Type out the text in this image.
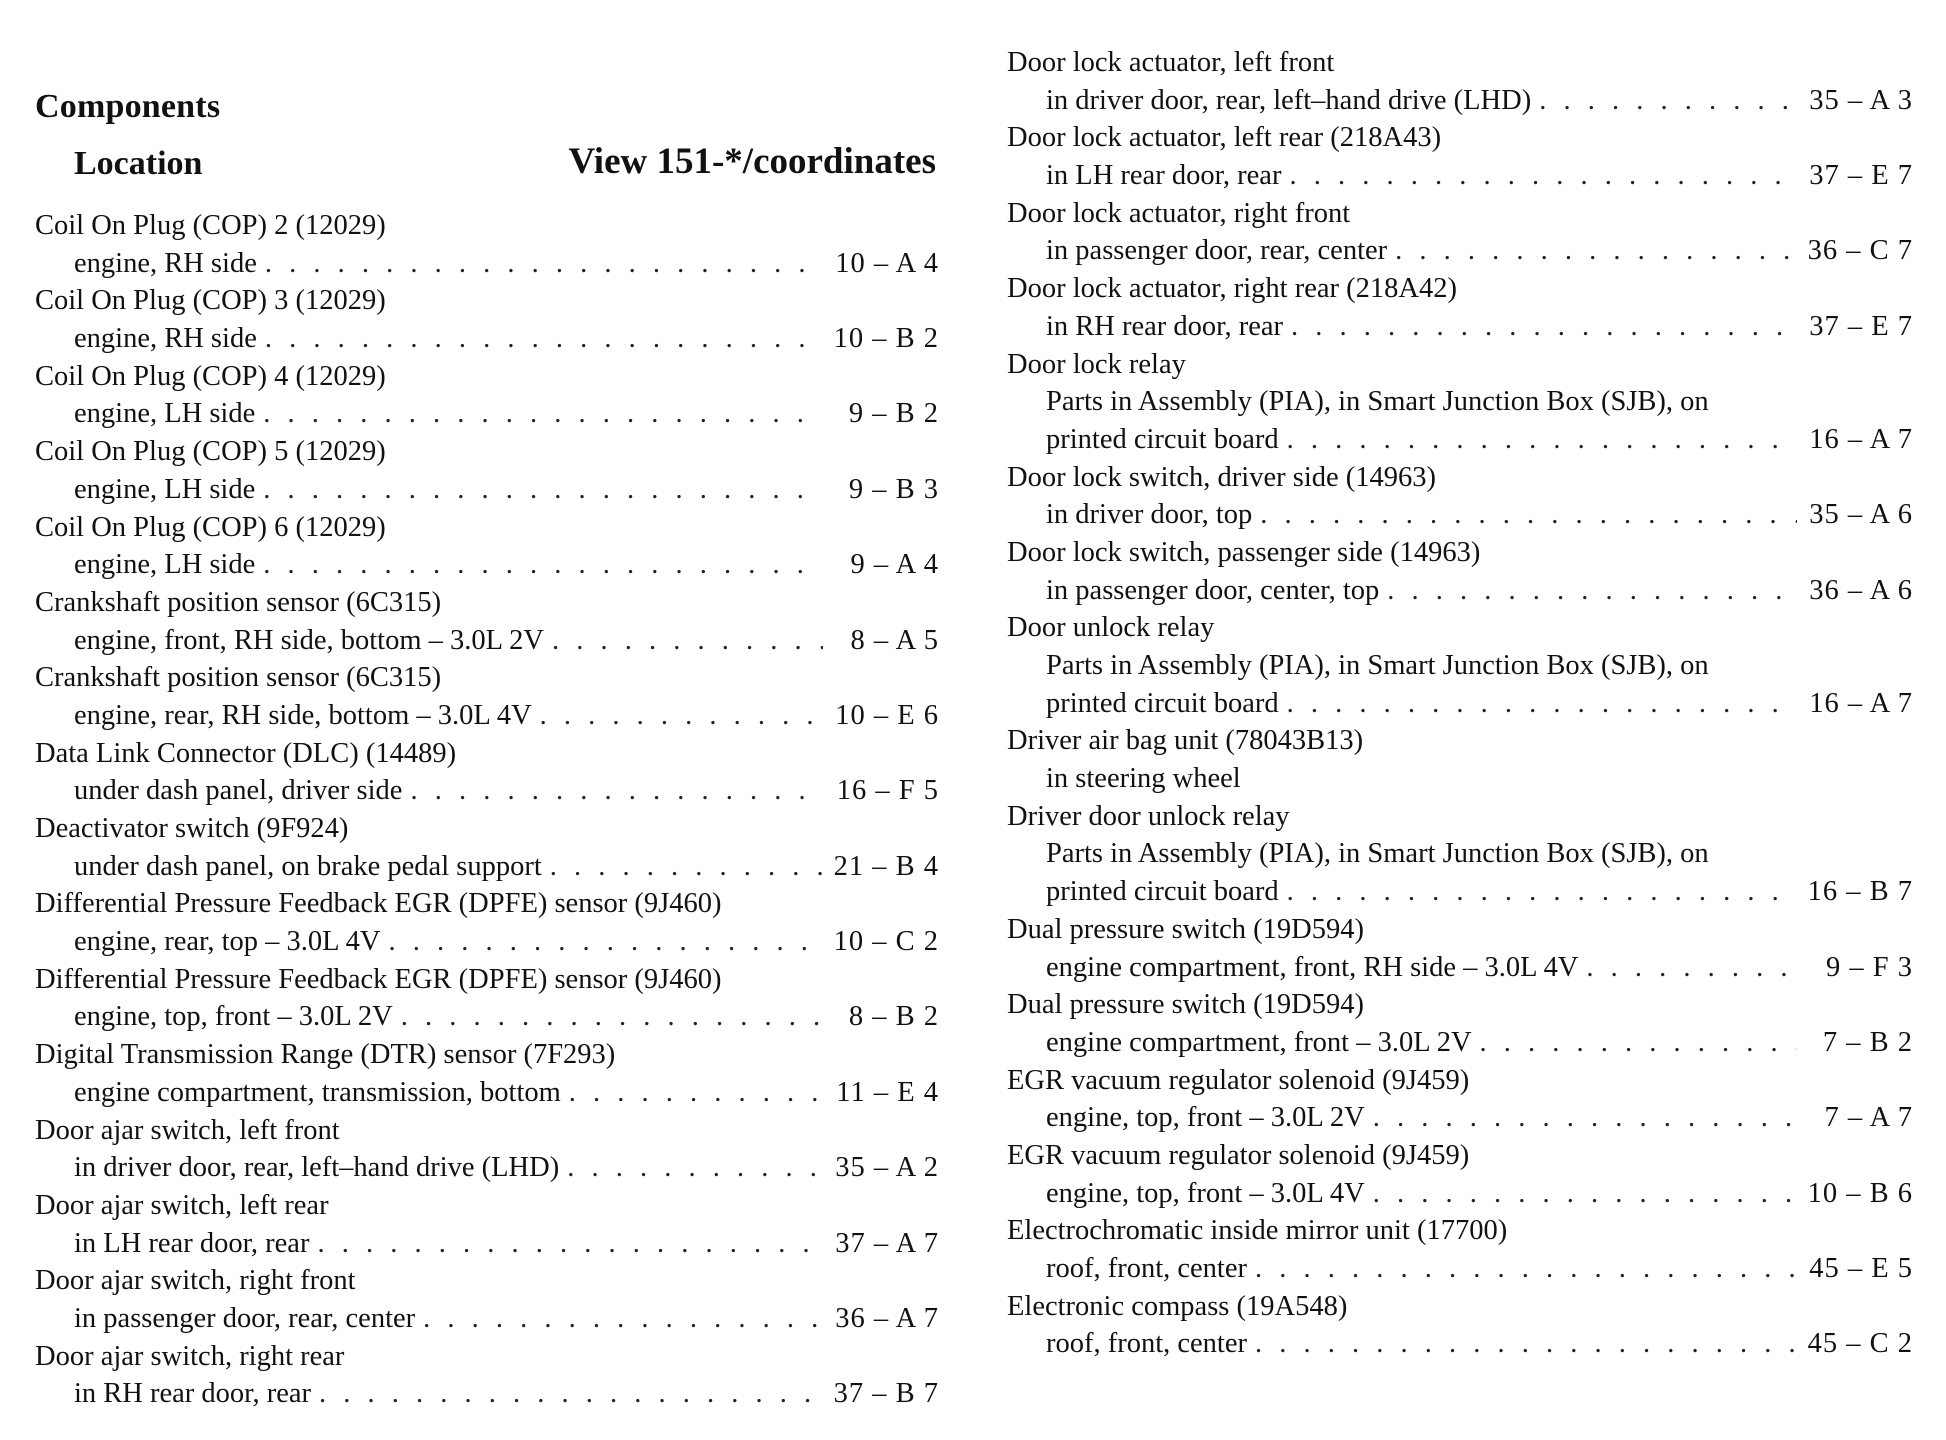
Components
Location	View 151-*/coordinates
Coil On Plug (COP) 2 (12029)
engine, RH side . . .	10 – A 4
Coil On Plug (COP) 3 (12029)
engine, RH side . . .	10 – B 2
Coil On Plug (COP) 4 (12029)
engine, LH side . . .	9 – B 2
Coil On Plug (COP) 5 (12029)
engine, LH side . . .	9 – B 3
Coil On Plug (COP) 6 (12029)
engine, LH side . . .	9 – A 4
Crankshaft position sensor (6C315)
engine, front, RH side, bottom – 3.0L 2V . . .	8 – A 5
Crankshaft position sensor (6C315)
engine, rear, RH side, bottom – 3.0L 4V . . .	10 – E 6
Data Link Connector (DLC) (14489)
under dash panel, driver side . . .	16 – F 5
Deactivator switch (9F924)
under dash panel, on brake pedal support . . .	21 – B 4
Differential Pressure Feedback EGR (DPFE) sensor (9J460)
engine, rear, top – 3.0L 4V . . .	10 – C 2
Differential Pressure Feedback EGR (DPFE) sensor (9J460)
engine, top, front – 3.0L 2V . . .	8 – B 2
Digital Transmission Range (DTR) sensor (7F293)
engine compartment, transmission, bottom . . .	11 – E 4
Door ajar switch, left front
in driver door, rear, left–hand drive (LHD) . . .	35 – A 2
Door ajar switch, left rear
in LH rear door, rear . . .	37 – A 7
Door ajar switch, right front
in passenger door, rear, center . . .	36 – A 7
Door ajar switch, right rear
in RH rear door, rear . . .	37 – B 7
Door lock actuator, left front
in driver door, rear, left–hand drive (LHD) . . .	35 – A 3
Door lock actuator, left rear (218A43)
in LH rear door, rear . . .	37 – E 7
Door lock actuator, right front
in passenger door, rear, center . . .	36 – C 7
Door lock actuator, right rear (218A42)
in RH rear door, rear . . .	37 – E 7
Door lock relay
Parts in Assembly (PIA), in Smart Junction Box (SJB), on
printed circuit board . . .	16 – A 7
Door lock switch, driver side (14963)
in driver door, top . . .	35 – A 6
Door lock switch, passenger side (14963)
in passenger door, center, top . . .	36 – A 6
Door unlock relay
Parts in Assembly (PIA), in Smart Junction Box (SJB), on
printed circuit board . . .	16 – A 7
Driver air bag unit (78043B13)
in steering wheel
Driver door unlock relay
Parts in Assembly (PIA), in Smart Junction Box (SJB), on
printed circuit board . . .	16 – B 7
Dual pressure switch (19D594)
engine compartment, front, RH side – 3.0L 4V . . .	9 – F 3
Dual pressure switch (19D594)
engine compartment, front – 3.0L 2V . . .	7 – B 2
EGR vacuum regulator solenoid (9J459)
engine, top, front – 3.0L 2V . . .	7 – A 7
EGR vacuum regulator solenoid (9J459)
engine, top, front – 3.0L 4V . . .	10 – B 6
Electrochromatic inside mirror unit (17700)
roof, front, center . . .	45 – E 5
Electronic compass (19A548)
roof, front, center . . .	45 – C 2
